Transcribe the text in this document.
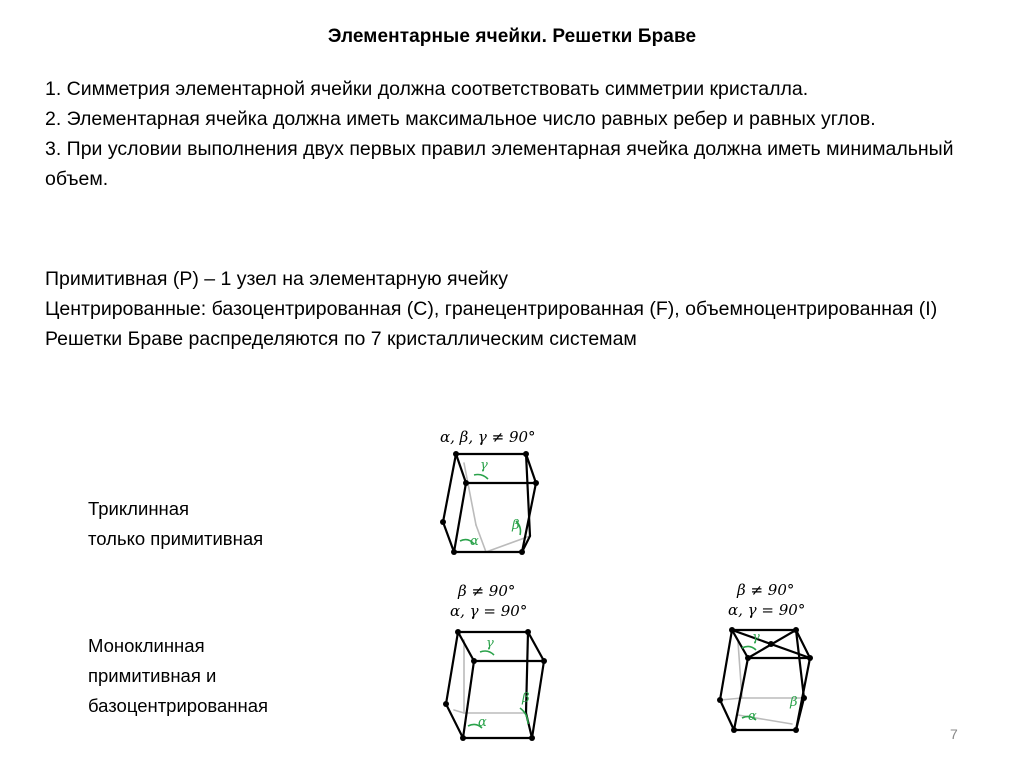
Элементарные ячейки. Решетки Браве

1. Симметрия элементарной ячейки должна соответствовать симметрии кристалла.

2. Элементарная ячейка должна иметь максимальное число равных ребер и равных углов.

3. При условии выполнения двух первых правил элементарная ячейка должна иметь минимальный объем.

Примитивная (Р) – 1 узел на элементарную ячейку

Центрированные: базоцентрированная (С), гранецентрированная (F), объемноцентрированная (I)

Решетки Браве распределяются по 7 кристаллическим системам

Триклинная
только примитивная
Моноклинная
примитивная и
базоцентрированная
α, β, γ ≠ 90°
β ≠ 90°
α, γ = 90°
β ≠ 90°
α, γ = 90°
γ
α
β
γ
α
β
γ
α
β
7
